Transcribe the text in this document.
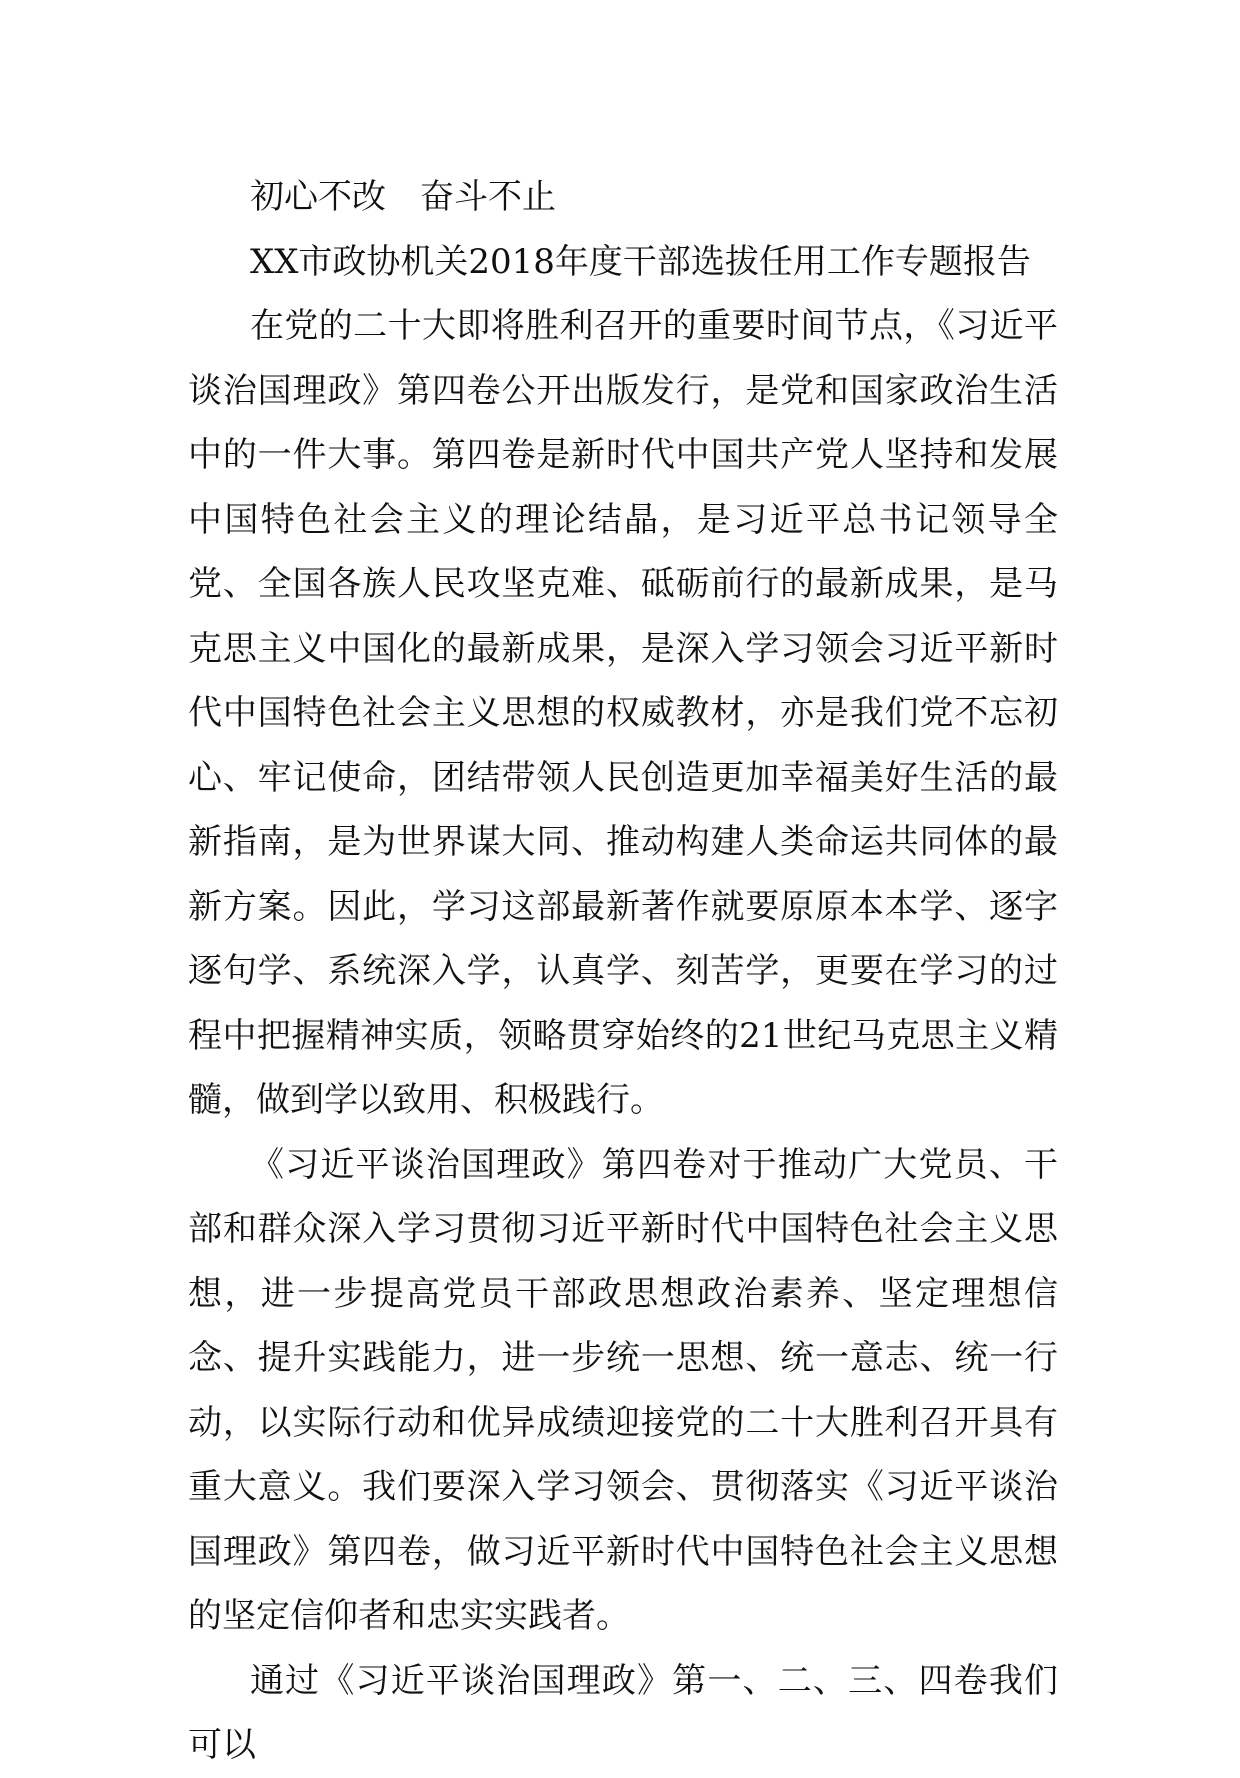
初心不改　奋斗不止

XX市政协机关2018年度干部选拔任用工作专题报告

在党的二十大即将胜利召开的重要时间节点，《习近平谈治国理政》第四卷公开出版发行，是党和国家政治生活中的一件大事。第四卷是新时代中国共产党人坚持和发展中国特色社会主义的理论结晶，是习近平总书记领导全党、全国各族人民攻坚克难、砥砺前行的最新成果，是马克思主义中国化的最新成果，是深入学习领会习近平新时代中国特色社会主义思想的权威教材，亦是我们党不忘初心、牢记使命，团结带领人民创造更加幸福美好生活的最新指南，是为世界谋大同、推动构建人类命运共同体的最新方案。因此，学习这部最新著作就要原原本本学、逐字逐句学、系统深入学，认真学、刻苦学，更要在学习的过程中把握精神实质，领略贯穿始终的21世纪马克思主义精髓，做到学以致用、积极践行。

《习近平谈治国理政》第四卷对于推动广大党员、干部和群众深入学习贯彻习近平新时代中国特色社会主义思想，进一步提高党员干部政思想政治素养、坚定理想信念、提升实践能力，进一步统一思想、统一意志、统一行动，以实际行动和优异成绩迎接党的二十大胜利召开具有重大意义。我们要深入学习领会、贯彻落实《习近平谈治国理政》第四卷，做习近平新时代中国特色社会主义思想的坚定信仰者和忠实实践者。

通过《习近平谈治国理政》第一、二、三、四卷我们可以
